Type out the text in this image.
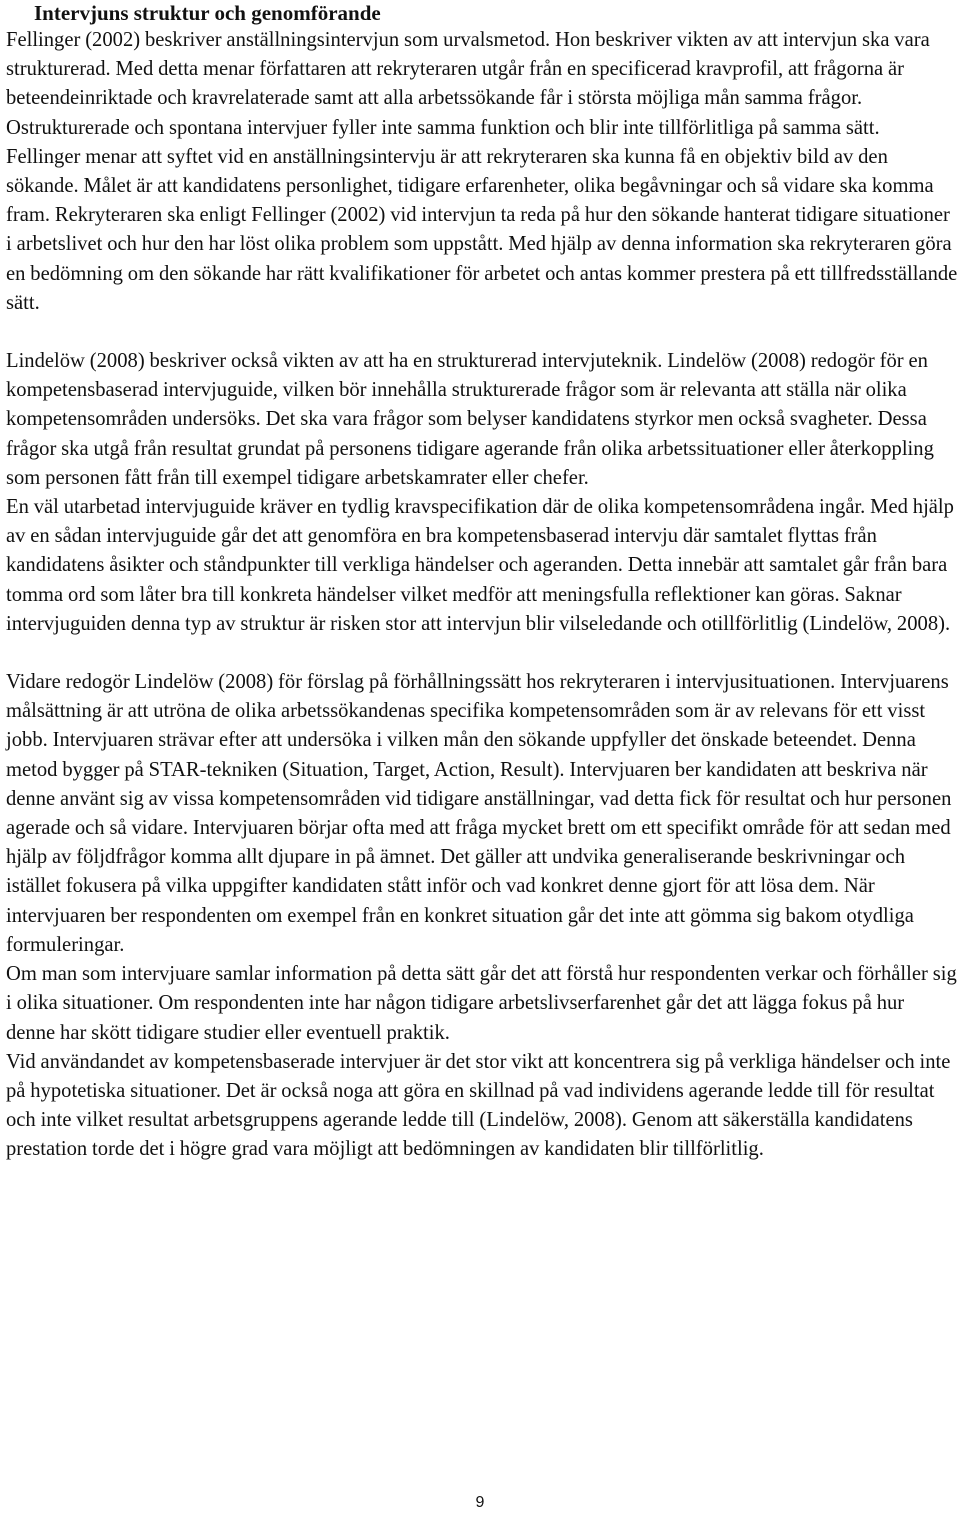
Intervjuns struktur och genomförande

Fellinger (2002) beskriver anställningsintervjun som urvalsmetod. Hon beskriver vikten av att intervjun ska vara strukturerad. Med detta menar författaren att rekryteraren utgår från en specificerad kravprofil, att frågorna är beteendeinriktade och kravrelaterade samt att alla arbetssökande får i största möjliga mån samma frågor. Ostrukturerade och spontana intervjuer fyller inte samma funktion och blir inte tillförlitliga på samma sätt.

Fellinger menar att syftet vid en anställningsintervju är att rekryteraren ska kunna få en objektiv bild av den sökande. Målet är att kandidatens personlighet, tidigare erfarenheter, olika begåvningar och så vidare ska komma fram. Rekryteraren ska enligt Fellinger (2002) vid intervjun ta reda på hur den sökande hanterat tidigare situationer i arbetslivet och hur den har löst olika problem som uppstått. Med hjälp av denna information ska rekryteraren göra en bedömning om den sökande har rätt kvalifikationer för arbetet och antas kommer prestera på ett tillfredsställande sätt.

Lindelöw (2008) beskriver också vikten av att ha en strukturerad intervjuteknik. Lindelöw (2008) redogör för en kompetensbaserad intervjuguide, vilken bör innehålla strukturerade frågor som är relevanta att ställa när olika kompetensområden undersöks. Det ska vara frågor som belyser kandidatens styrkor men också svagheter. Dessa frågor ska utgå från resultat grundat på personens tidigare agerande från olika arbetssituationer eller återkoppling som personen fått från till exempel tidigare arbetskamrater eller chefer.

En väl utarbetad intervjuguide kräver en tydlig kravspecifikation där de olika kompetensområdena ingår. Med hjälp av en sådan intervjuguide går det att genomföra en bra kompetensbaserad intervju där samtalet flyttas från kandidatens åsikter och ståndpunkter till verkliga händelser och ageranden. Detta innebär att samtalet går från bara tomma ord som låter bra till konkreta händelser vilket medför att meningsfulla reflektioner kan göras. Saknar intervjuguiden denna typ av struktur är risken stor att intervjun blir vilseledande och otillförlitlig (Lindelöw, 2008).

Vidare redogör Lindelöw (2008) för förslag på förhållningssätt hos rekryteraren i intervjusituationen. Intervjuarens målsättning är att utröna de olika arbetssökandenas specifika kompetensområden som är av relevans för ett visst jobb. Intervjuaren strävar efter att undersöka i vilken mån den sökande uppfyller det önskade beteendet. Denna metod bygger på STAR-tekniken (Situation, Target, Action, Result). Intervjuaren ber kandidaten att beskriva när denne använt sig av vissa kompetensområden vid tidigare anställningar, vad detta fick för resultat och hur personen agerade och så vidare. Intervjuaren börjar ofta med att fråga mycket brett om ett specifikt område för att sedan med hjälp av följdfrågor komma allt djupare in på ämnet. Det gäller att undvika generaliserande beskrivningar och istället fokusera på vilka uppgifter kandidaten stått inför och vad konkret denne gjort för att lösa dem. När intervjuaren ber respondenten om exempel från en konkret situation går det inte att gömma sig bakom otydliga formuleringar.

Om man som intervjuare samlar information på detta sätt går det att förstå hur respondenten verkar och förhåller sig i olika situationer. Om respondenten inte har någon tidigare arbetslivserfarenhet går det att lägga fokus på hur denne har skött tidigare studier eller eventuell praktik.

Vid användandet av kompetensbaserade intervjuer är det stor vikt att koncentrera sig på verkliga händelser och inte på hypotetiska situationer. Det är också noga att göra en skillnad på vad individens agerande ledde till för resultat och inte vilket resultat arbetsgruppens agerande ledde till (Lindelöw, 2008). Genom att säkerställa kandidatens prestation torde det i högre grad vara möjligt att bedömningen av kandidaten blir tillförlitlig.

9
